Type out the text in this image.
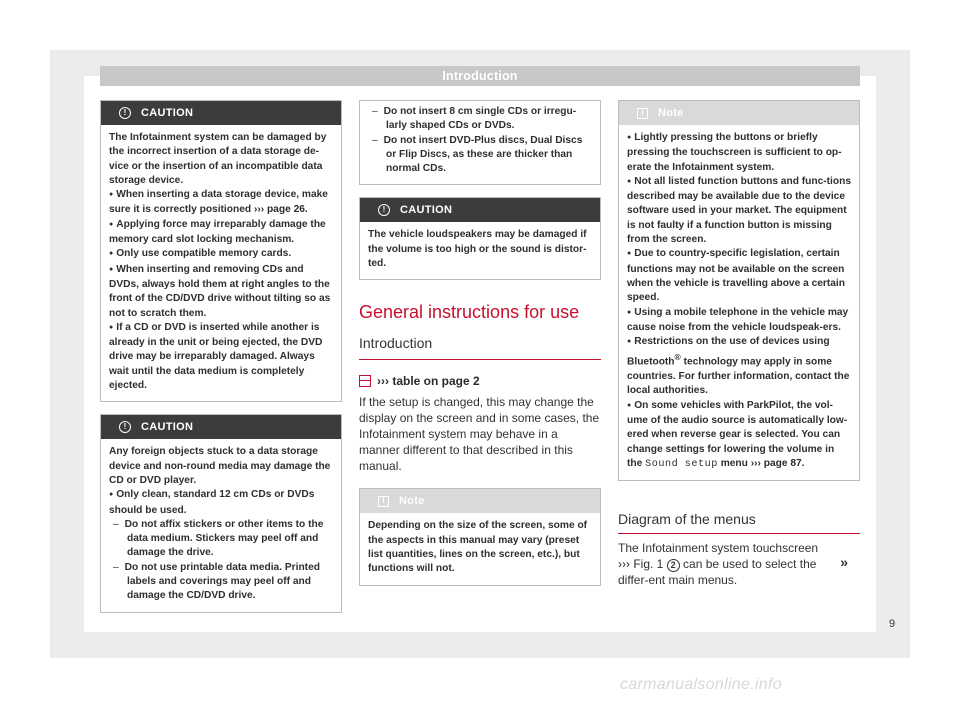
Introduction
!	CAUTION

The Infotainment system can be damaged by the incorrect insertion of a data storage de-vice or the insertion of an incompatible data storage device.

● When inserting a data storage device, make sure it is correctly positioned ››› page 26.

● Applying force may irreparably damage the memory card slot locking mechanism.

● Only use compatible memory cards.

● When inserting and removing CDs and DVDs, always hold them at right angles to the front of the CD/DVD drive without tilting so as not to scratch them.

● If a CD or DVD is inserted while another is already in the unit or being ejected, the DVD drive may be irreparably damaged. Always wait until the data medium is completely ejected.

!	CAUTION

Any foreign objects stuck to a data storage device and non-round media may damage the CD or DVD player.

● Only clean, standard 12 cm CDs or DVDs should be used.

– Do not affix stickers or other items to the data medium. Stickers may peel off and damage the drive.

– Do not use printable data media. Printed labels and coverings may peel off and damage the CD/DVD drive.

– Do not insert 8 cm single CDs or irregu-larly shaped CDs or DVDs.

– Do not insert DVD-Plus discs, Dual Discs or Flip Discs, as these are thicker than normal CDs.

!	CAUTION

The vehicle loudspeakers may be damaged if the volume is too high or the sound is distor-ted.

General instructions for use
Introduction
››› table on page 2
If the setup is changed, this may change the display on the screen and in some cases, the Infotainment system may behave in a manner different to that described in this manual.
i	Note

Depending on the size of the screen, some of the aspects in this manual may vary (preset list quantities, lines on the screen, etc.), but functions will not.

i	Note

● Lightly pressing the buttons or briefly pressing the touchscreen is sufficient to op-erate the Infotainment system.

● Not all listed function buttons and func-tions described may be available due to the device software used in your market. The equipment is not faulty if a function button is missing from the screen.

● Due to country-specific legislation, certain functions may not be available on the screen when the vehicle is travelling above a certain speed.

● Using a mobile telephone in the vehicle may cause noise from the vehicle loudspeak-ers.

● Restrictions on the use of devices using Bluetooth® technology may apply in some countries. For further information, contact the local authorities.

● On some vehicles with ParkPilot, the vol-ume of the audio source is automatically low-ered when reverse gear is selected. You can change settings for lowering the volume in the Sound setup menu ››› page 87.

Diagram of the menus
The Infotainment system touchscreen
››› Fig. 1 2 can be used to select the differ-ent main menus.
»
9
carmanualsonline.info
